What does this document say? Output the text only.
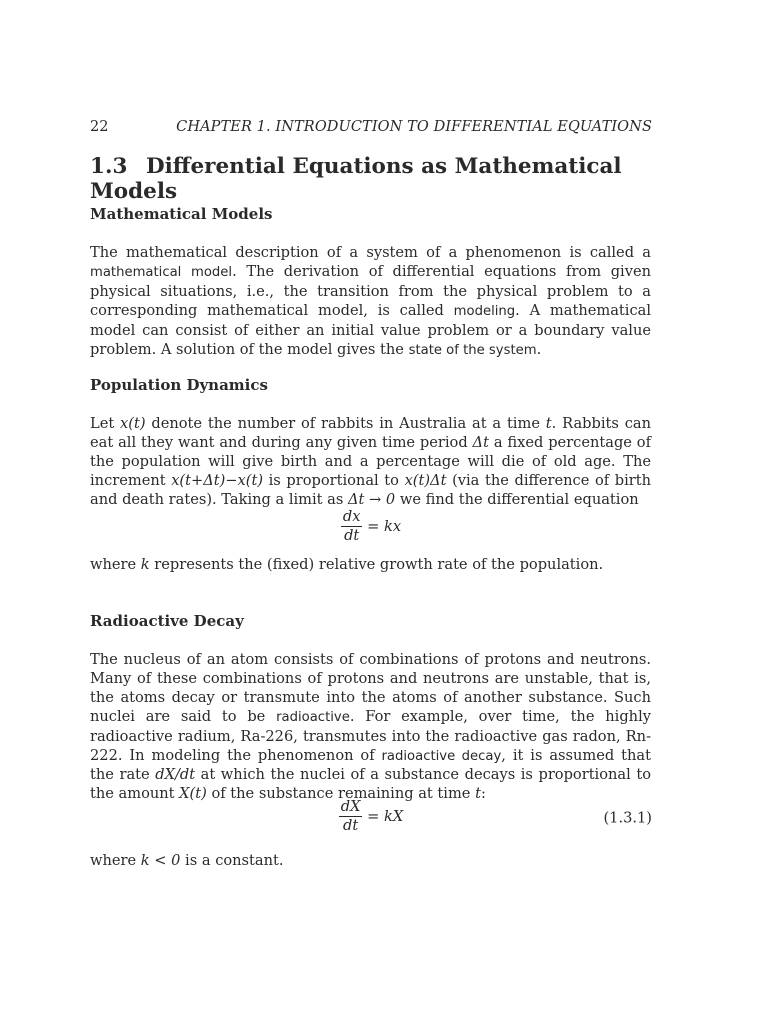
22	CHAPTER 1. INTRODUCTION TO DIFFERENTIAL EQUATIONS
1.3 Differential Equations as Mathematical Models
Mathematical Models

The mathematical description of a system of a phenomenon is called a mathematical model. The derivation of differential equations from given physical situations, i.e., the transition from the physical problem to a corresponding mathematical model, is called modeling. A mathematical model can consist of either an initial value problem or a boundary value problem. A solution of the model gives the state of the system.

Population Dynamics

Let x(t) denote the number of rabbits in Australia at a time t. Rabbits can eat all they want and during any given time period Δt a fixed percentage of the population will give birth and a percentage will die of old age. The increment x(t+Δt)−x(t) is proportional to x(t)Δt (via the difference of birth and death rates). Taking a limit as Δt → 0 we find the differential equation

$\frac{dx}{dt}$ = kx

where k represents the (fixed) relative growth rate of the population.

Radioactive Decay

The nucleus of an atom consists of combinations of protons and neutrons. Many of these combinations of protons and neutrons are unstable, that is, the atoms decay or transmute into the atoms of another substance. Such nuclei are said to be radioactive. For example, over time, the highly radioactive radium, Ra-226, transmutes into the radioactive gas radon, Rn-222. In modeling the phenomenon of radioactive decay, it is assumed that the rate dX/dt at which the nuclei of a substance decays is proportional to the amount X(t) of the substance remaining at time t:

$\frac{dX}{dt}$ = kX	(1.3.1)

where k < 0 is a constant.
